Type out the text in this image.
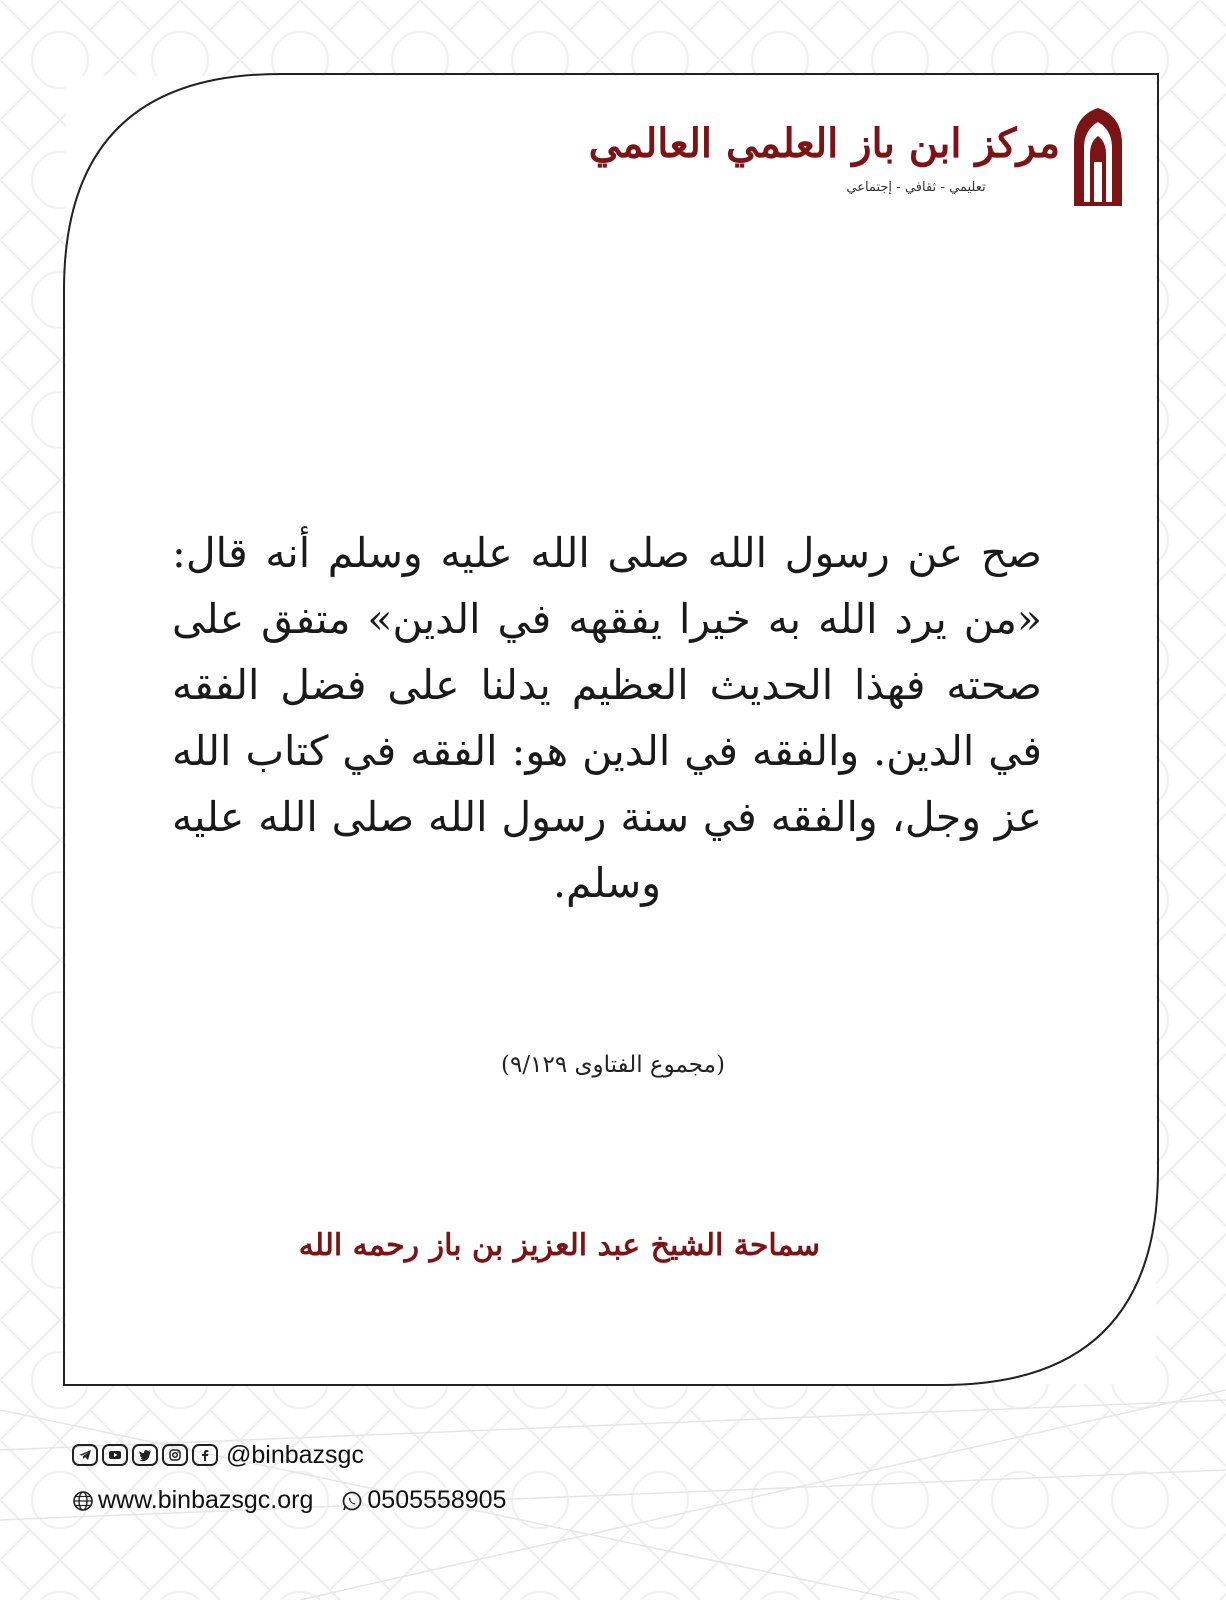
مركز ابن باز العلمي العالمي
تعليمي - ثقافي - إجتماعي
صح عن رسول الله صلى الله عليه وسلم أنه قال: «من يرد الله به خيرا يفقهه في الدين» متفق على صحته فهذا الحديث العظيم يدلنا على فضل الفقه في الدين. والفقه في الدين هو: الفقه في كتاب الله عز وجل، والفقه في سنة رسول الله صلى الله عليه وسلم.
(مجموع الفتاوى ٩/١٢٩)
سماحة الشيخ عبد العزيز بن باز رحمه الله
@binbazsgc
www.binbazsgc.org 0505558905
